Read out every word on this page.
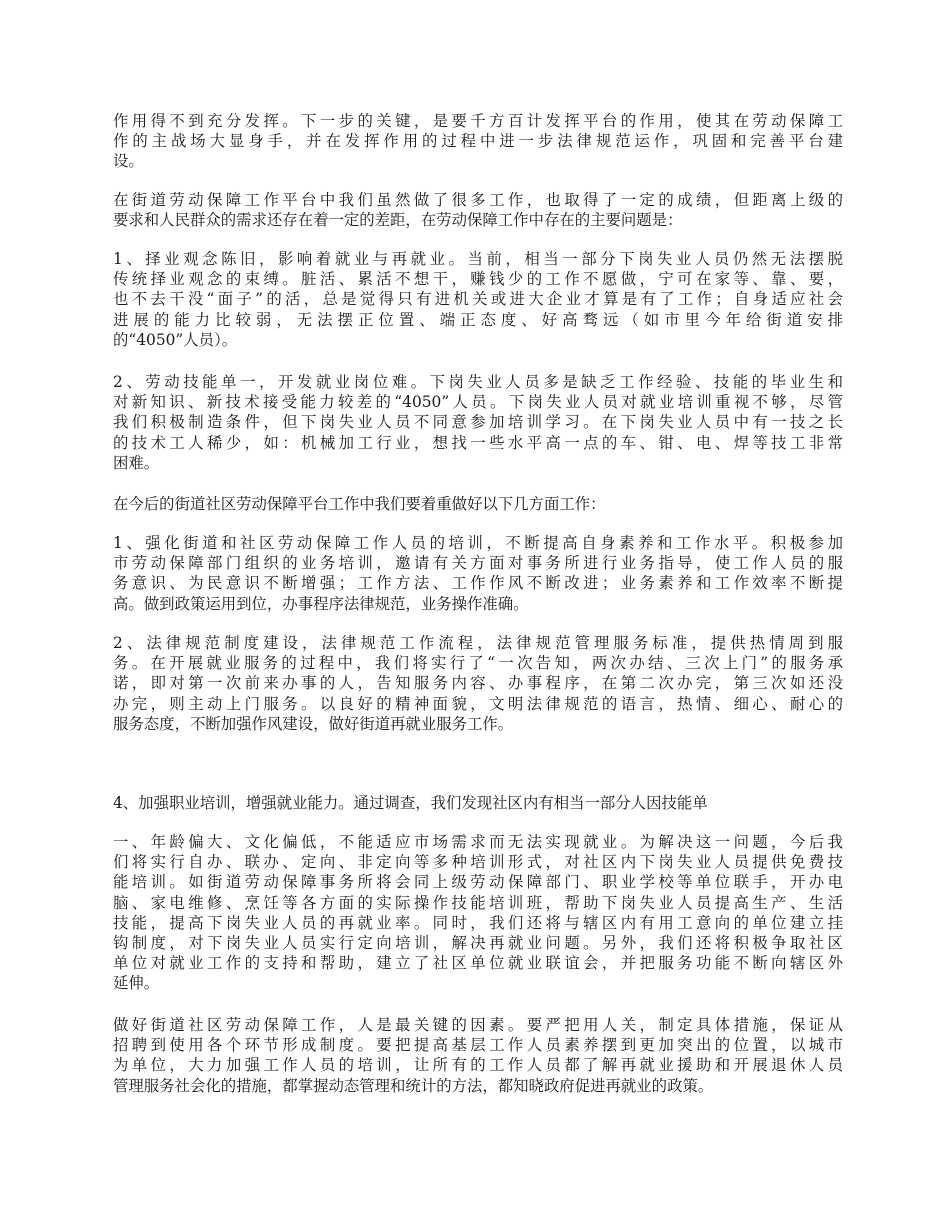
作用得不到充分发挥。下一步的关键，是要千方百计发挥平台的作用，使其在劳动保障工
作的主战场大显身手，并在发挥作用的过程中进一步法律规范运作，巩固和完善平台建
设。
在街道劳动保障工作平台中我们虽然做了很多工作，也取得了一定的成绩，但距离上级的
要求和人民群众的需求还存在着一定的差距，在劳动保障工作中存在的主要问题是：
1、择业观念陈旧，影响着就业与再就业。当前，相当一部分下岗失业人员仍然无法摆脱
传统择业观念的束缚。脏活、累活不想干，赚钱少的工作不愿做，宁可在家等、靠、要，
也不去干没“面子”的活，总是觉得只有进机关或进大企业才算是有了工作；自身适应社会
进展的能力比较弱，无法摆正位置、端正态度、好高骛远（如市里今年给街道安排
的“4050”人员）。
2、劳动技能单一，开发就业岗位难。下岗失业人员多是缺乏工作经验、技能的毕业生和
对新知识、新技术接受能力较差的“4050”人员。下岗失业人员对就业培训重视不够，尽管
我们积极制造条件，但下岗失业人员不同意参加培训学习。在下岗失业人员中有一技之长
的技术工人稀少，如：机械加工行业，想找一些水平高一点的车、钳、电、焊等技工非常
困难。
在今后的街道社区劳动保障平台工作中我们要着重做好以下几方面工作：
1、强化街道和社区劳动保障工作人员的培训，不断提高自身素养和工作水平。积极参加
市劳动保障部门组织的业务培训，邀请有关方面对事务所进行业务指导，使工作人员的服
务意识、为民意识不断增强；工作方法、工作作风不断改进；业务素养和工作效率不断提
高。做到政策运用到位，办事程序法律规范，业务操作准确。
2、法律规范制度建设，法律规范工作流程，法律规范管理服务标准，提供热情周到服
务。在开展就业服务的过程中，我们将实行了“一次告知，两次办结、三次上门”的服务承
诺，即对第一次前来办事的人，告知服务内容、办事程序，在第二次办完，第三次如还没
办完，则主动上门服务。以良好的精神面貌，文明法律规范的语言，热情、细心、耐心的
服务态度，不断加强作风建设，做好街道再就业服务工作。
4、加强职业培训，增强就业能力。通过调查，我们发现社区内有相当一部分人因技能单
一、年龄偏大、文化偏低，不能适应市场需求而无法实现就业。为解决这一问题，今后我
们将实行自办、联办、定向、非定向等多种培训形式，对社区内下岗失业人员提供免费技
能培训。如街道劳动保障事务所将会同上级劳动保障部门、职业学校等单位联手，开办电
脑、家电维修、烹饪等各方面的实际操作技能培训班，帮助下岗失业人员提高生产、生活
技能，提高下岗失业人员的再就业率。同时，我们还将与辖区内有用工意向的单位建立挂
钩制度，对下岗失业人员实行定向培训，解决再就业问题。另外，我们还将积极争取社区
单位对就业工作的支持和帮助，建立了社区单位就业联谊会，并把服务功能不断向辖区外
延伸。
做好街道社区劳动保障工作，人是最关键的因素。要严把用人关，制定具体措施，保证从
招聘到使用各个环节形成制度。要把提高基层工作人员素养摆到更加突出的位置，以城市
为单位，大力加强工作人员的培训，让所有的工作人员都了解再就业援助和开展退休人员
管理服务社会化的措施，都掌握动态管理和统计的方法，都知晓政府促进再就业的政策。
